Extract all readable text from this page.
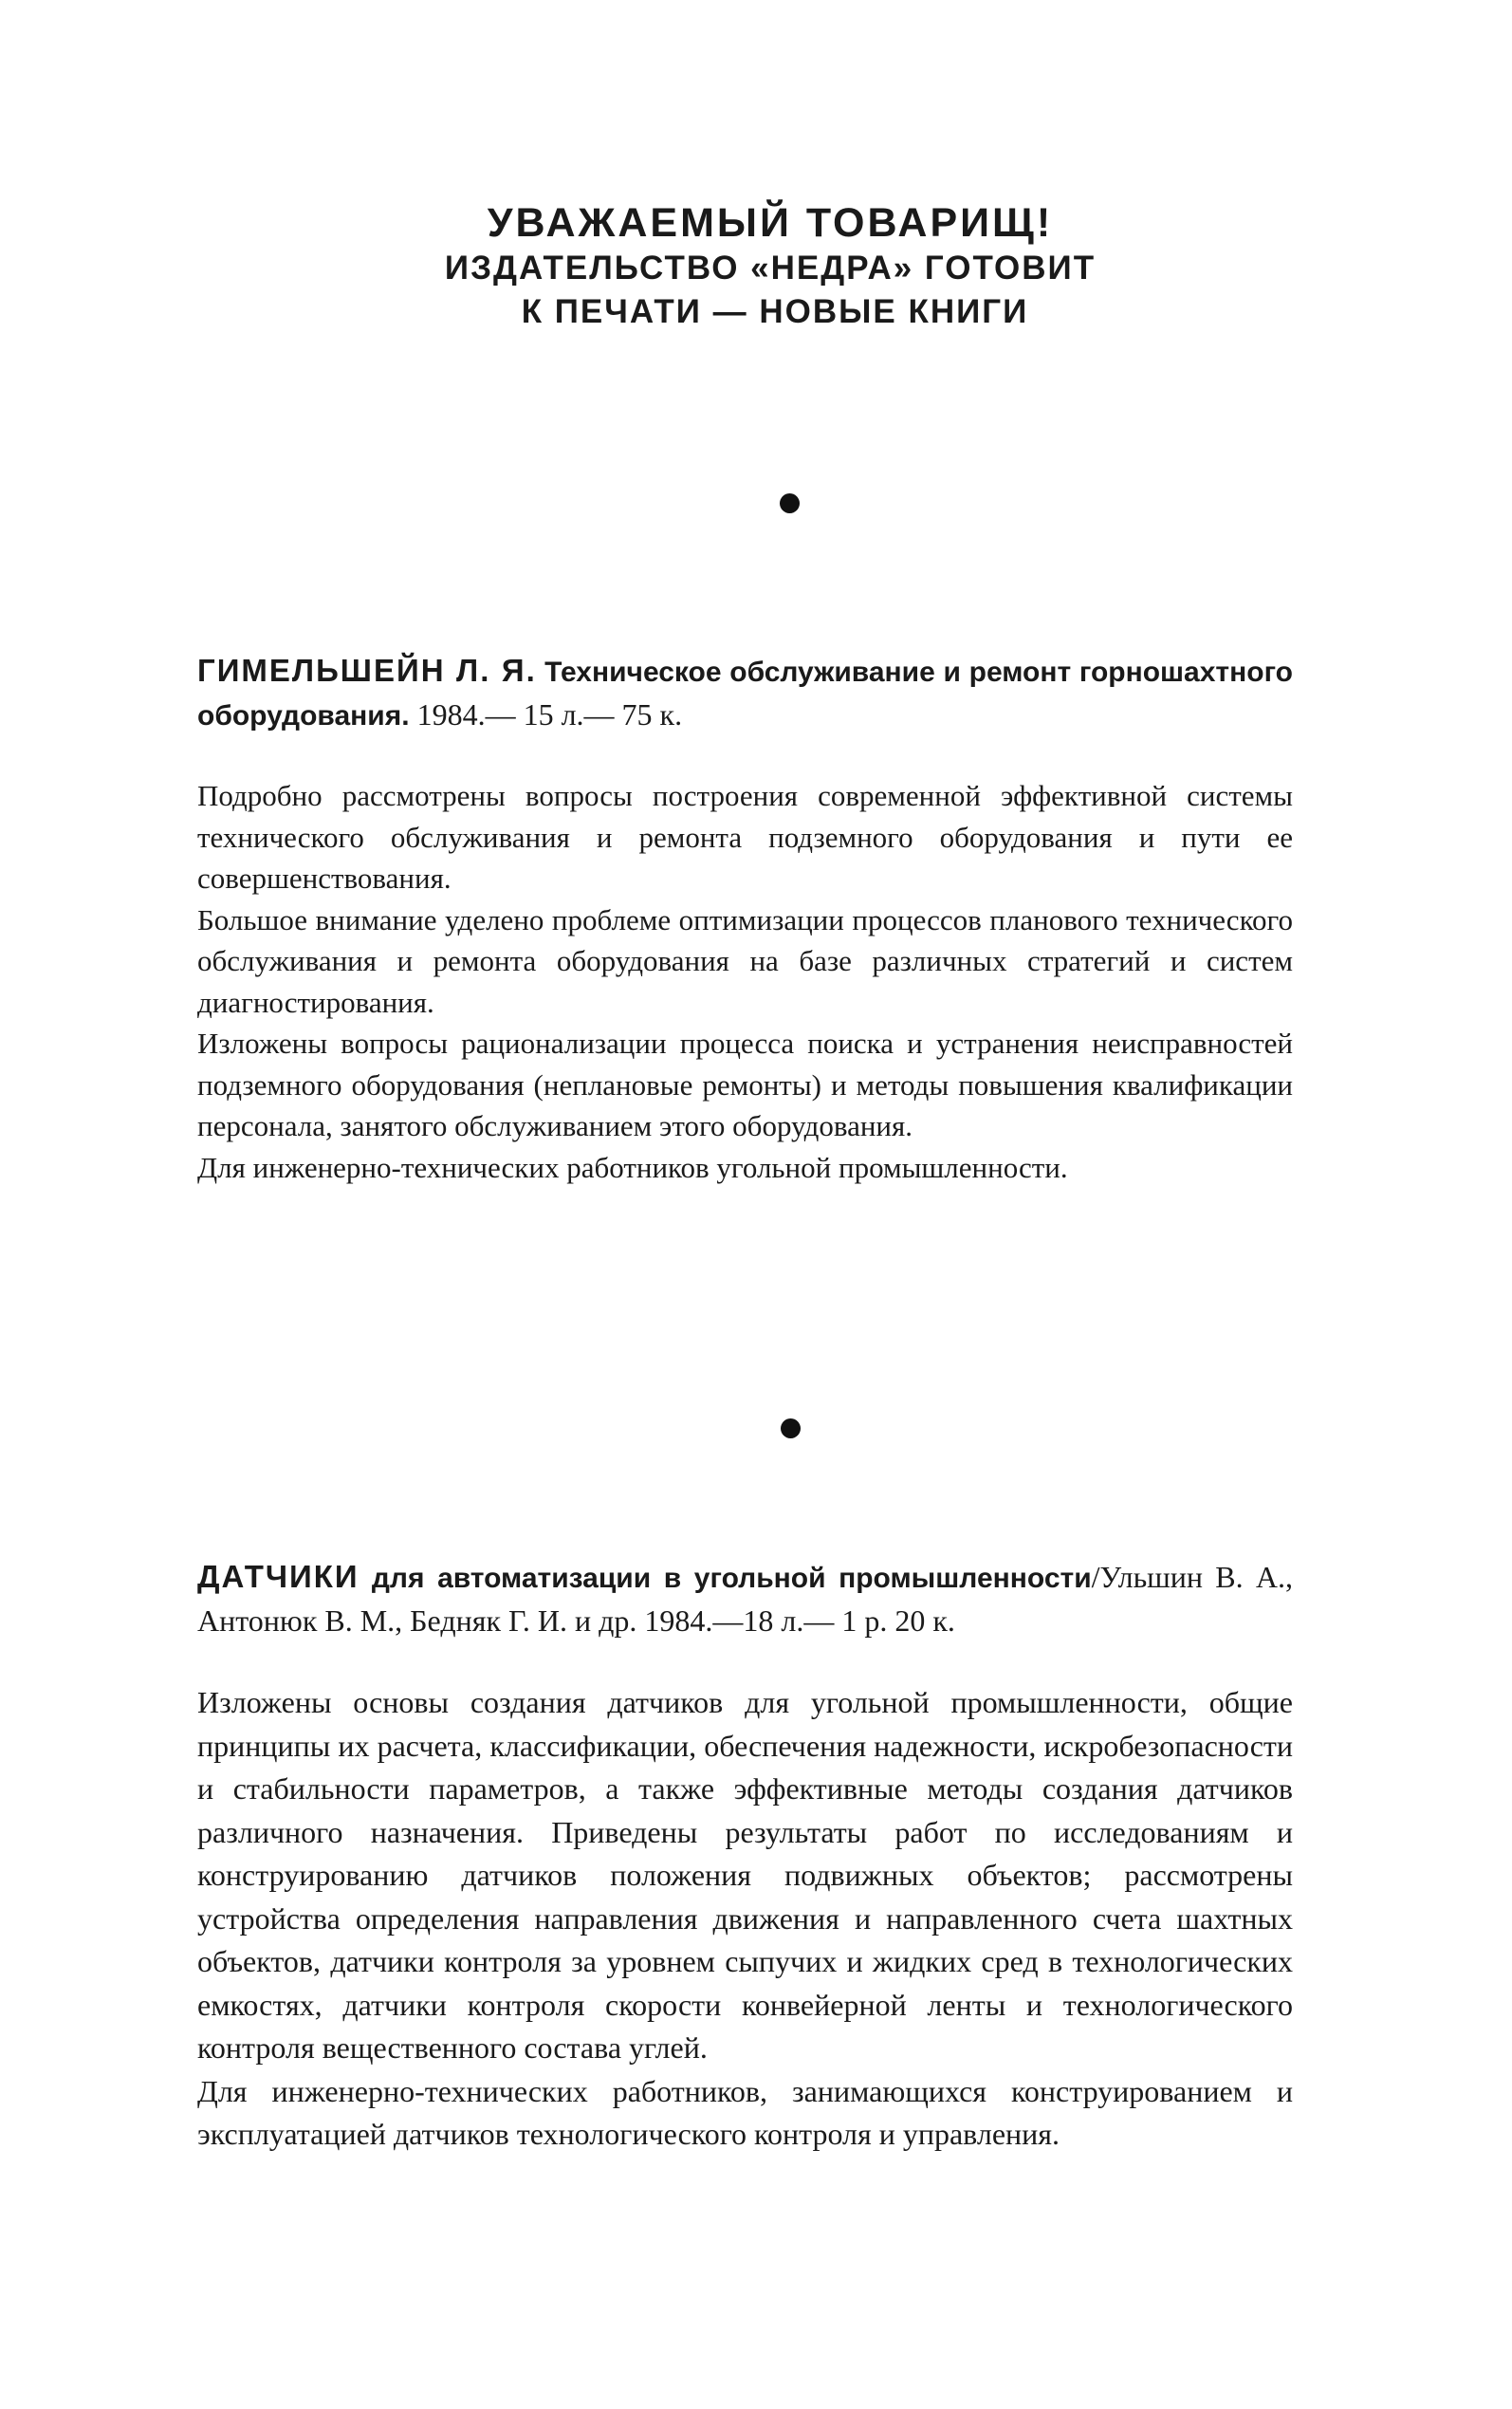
УВАЖАЕМЫЙ ТОВАРИЩ!
ИЗДАТЕЛЬСТВО «НЕДРА» ГОТОВИТ
К ПЕЧАТИ — НОВЫЕ КНИГИ

ГИМЕЛЬШЕЙН Л. Я. Техническое обслуживание и ремонт горношахтного оборудования. 1984.— 15 л.— 75 к.

Подробно рассмотрены вопросы построения современной эффективной системы технического обслуживания и ремонта подземного оборудования и пути ее совершенствования.

Большое внимание уделено проблеме оптимизации процессов планового технического обслуживания и ремонта оборудования на базе различных стратегий и систем диагностирования.

Изложены вопросы рационализации процесса поиска и устранения неисправностей подземного оборудования (неплановые ремонты) и методы повышения квалификации персонала, занятого обслуживанием этого оборудования.

Для инженерно-технических работников угольной промышленности.

ДАТЧИКИ для автоматизации в угольной промышленности/Ульшин В. А., Антонюк В. М., Бедняк Г. И. и др. 1984.—18 л.— 1 р. 20 к.

Изложены основы создания датчиков для угольной промышленности, общие принципы их расчета, классификации, обеспечения надежности, искробезопасности и стабильности параметров, а также эффективные методы создания датчиков различного назначения. Приведены результаты работ по исследованиям и конструированию датчиков положения подвижных объектов; рассмотрены устройства определения направления движения и направленного счета шахтных объектов, датчики контроля за уровнем сыпучих и жидких сред в технологических емкостях, датчики контроля скорости конвейерной ленты и технологического контроля вещественного состава углей.

Для инженерно-технических работников, занимающихся конструированием и эксплуатацией датчиков технологического контроля и управления.
